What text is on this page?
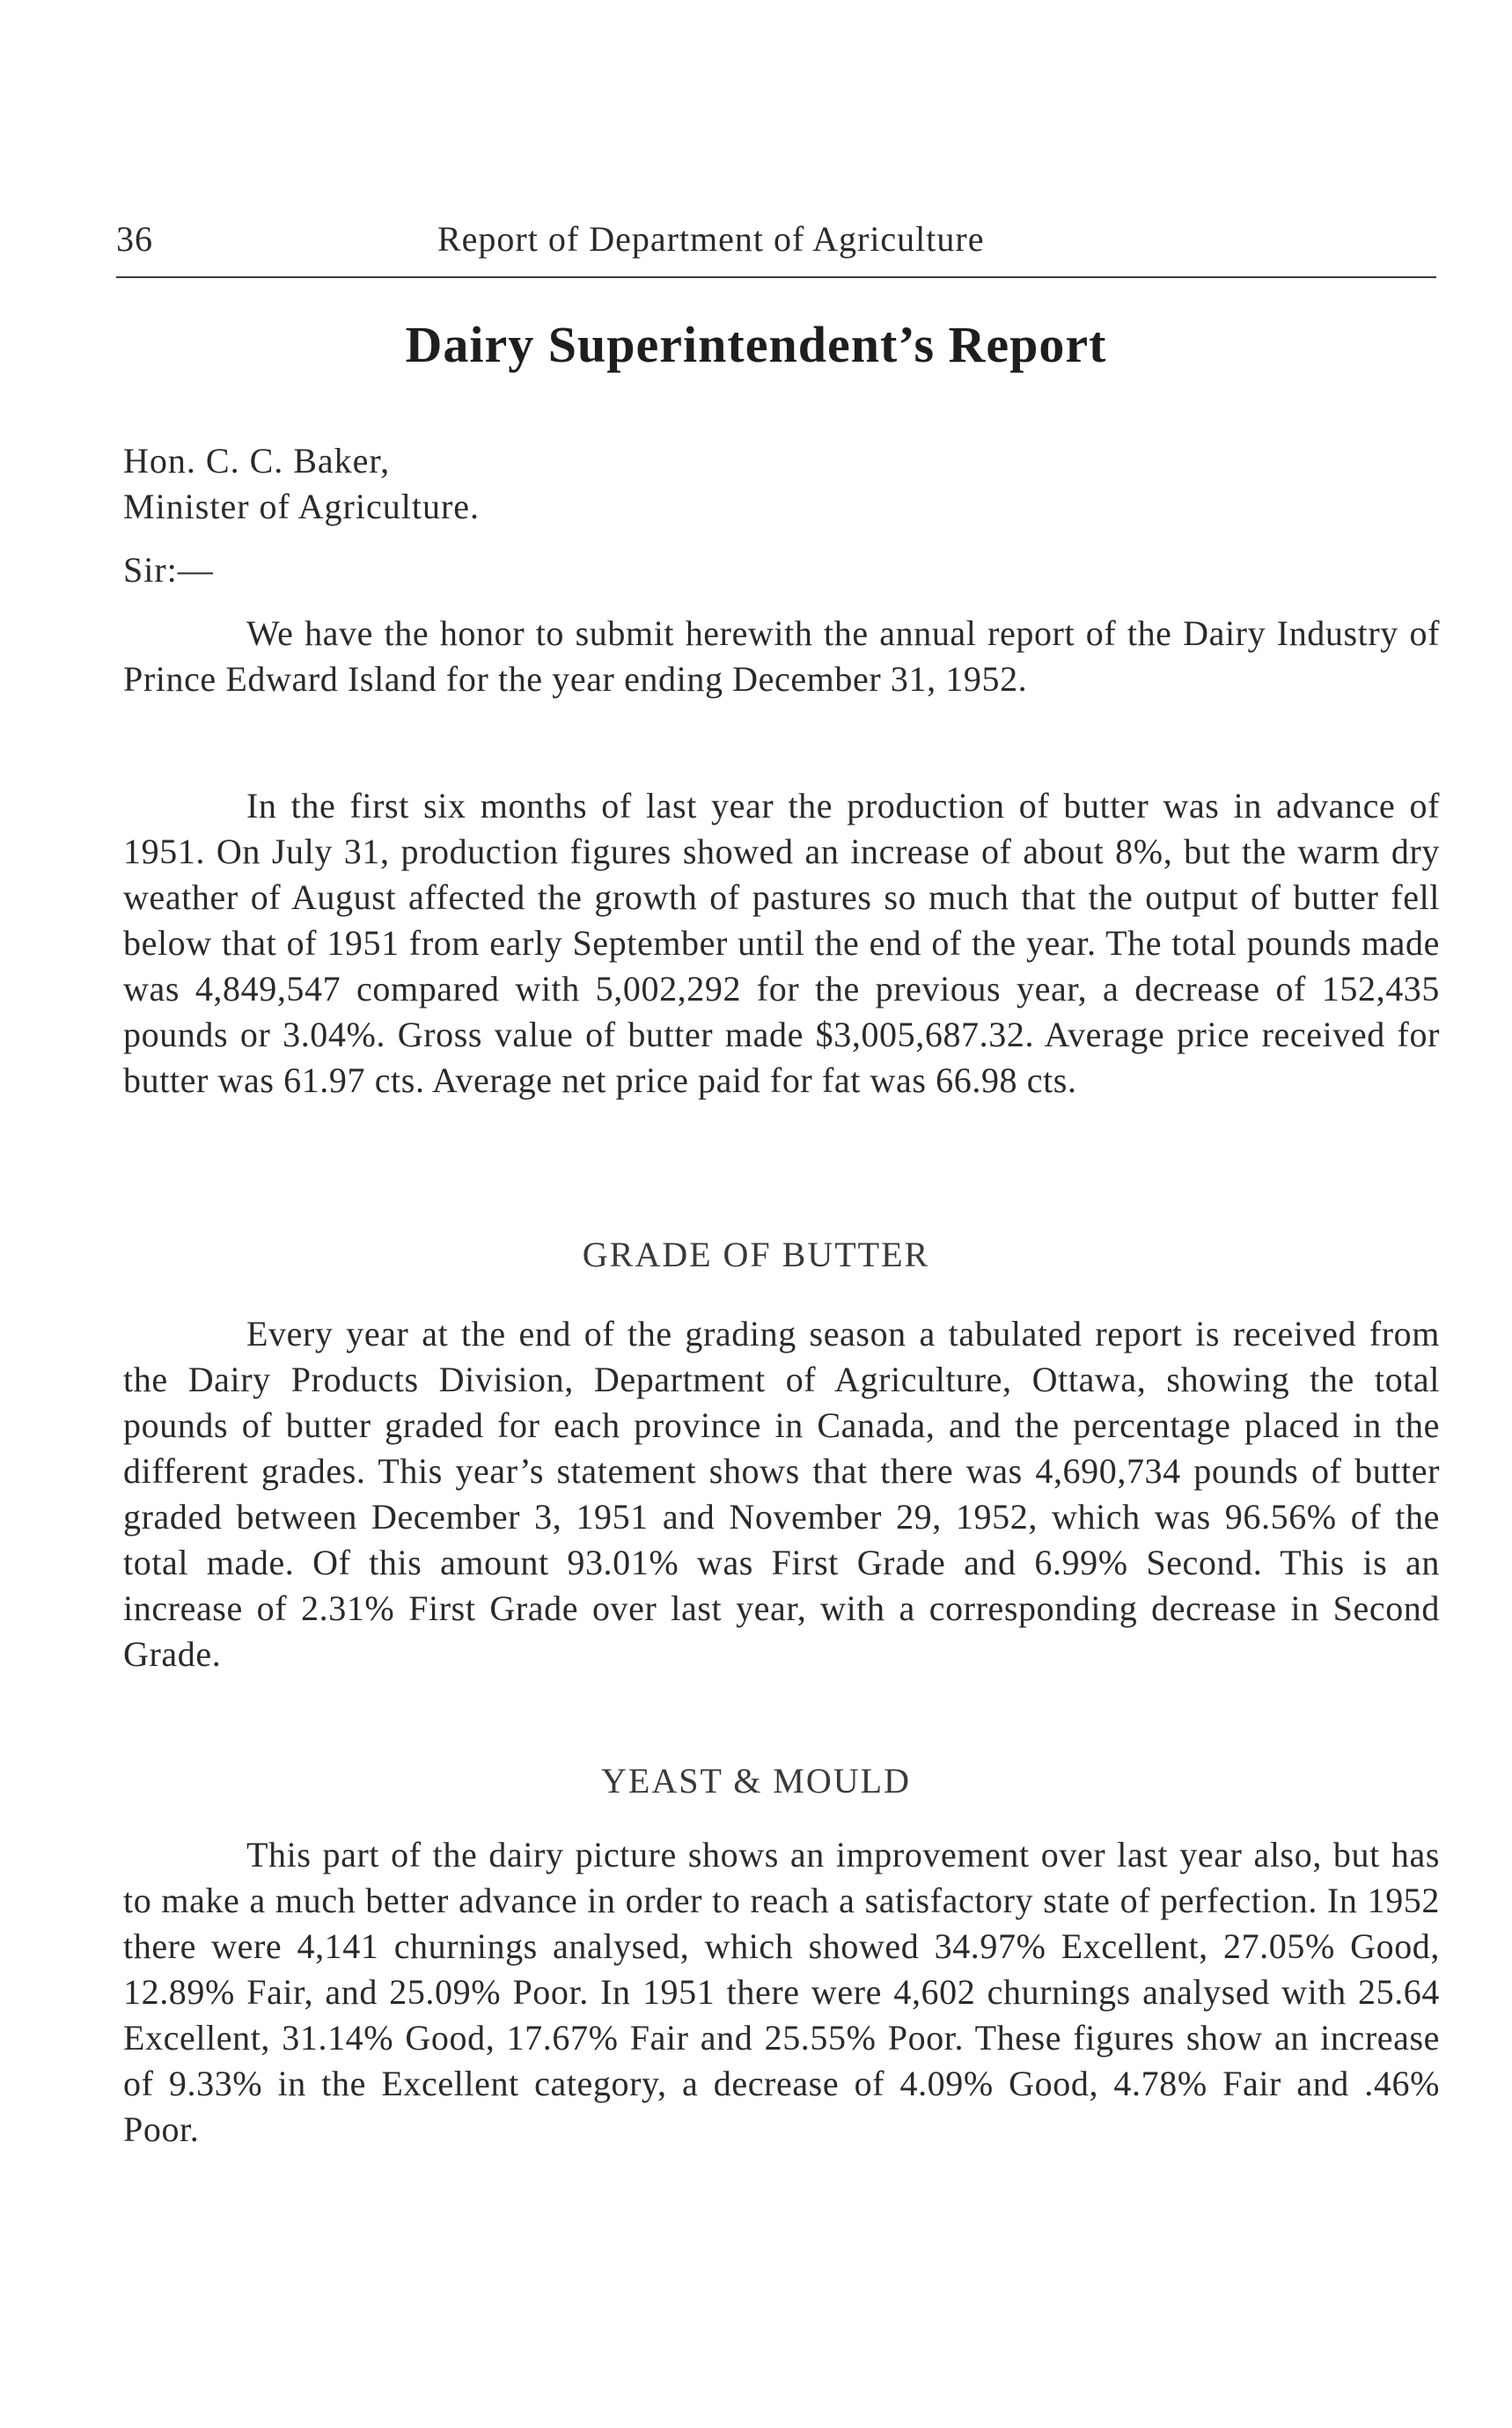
36	Report of Department of Agriculture
Dairy Superintendent’s Report
Hon. C. C. Baker,
Minister of Agriculture.
Sir:—

We have the honor to submit herewith the annual report of the Dairy Industry of Prince Edward Island for the year ending December 31, 1952.

In the first six months of last year the production of butter was in advance of 1951. On July 31, production figures showed an increase of about 8%, but the warm dry weather of August affected the growth of pastures so much that the output of butter fell below that of 1951 from early September until the end of the year. The total pounds made was 4,849,547 compared with 5,002,292 for the previous year, a decrease of 152,435 pounds or 3.04%. Gross value of butter made $3,005,687.32. Average price received for butter was 61.97 cts. Average net price paid for fat was 66.98 cts.

GRADE OF BUTTER

Every year at the end of the grading season a tabulated report is received from the Dairy Products Division, Department of Agriculture, Ottawa, showing the total pounds of butter graded for each province in Canada, and the percentage placed in the different grades. This year’s statement shows that there was 4,690,734 pounds of butter graded between December 3, 1951 and November 29, 1952, which was 96.56% of the total made. Of this amount 93.01% was First Grade and 6.99% Second. This is an increase of 2.31% First Grade over last year, with a corresponding decrease in Second Grade.

YEAST & MOULD

This part of the dairy picture shows an improvement over last year also, but has to make a much better advance in order to reach a satisfactory state of perfection. In 1952 there were 4,141 churnings analysed, which showed 34.97% Excellent, 27.05% Good, 12.89% Fair, and 25.09% Poor. In 1951 there were 4,602 churnings analysed with 25.64 Excellent, 31.14% Good, 17.67% Fair and 25.55% Poor. These figures show an increase of 9.33% in the Excellent category, a decrease of 4.09% Good, 4.78% Fair and .46% Poor.
